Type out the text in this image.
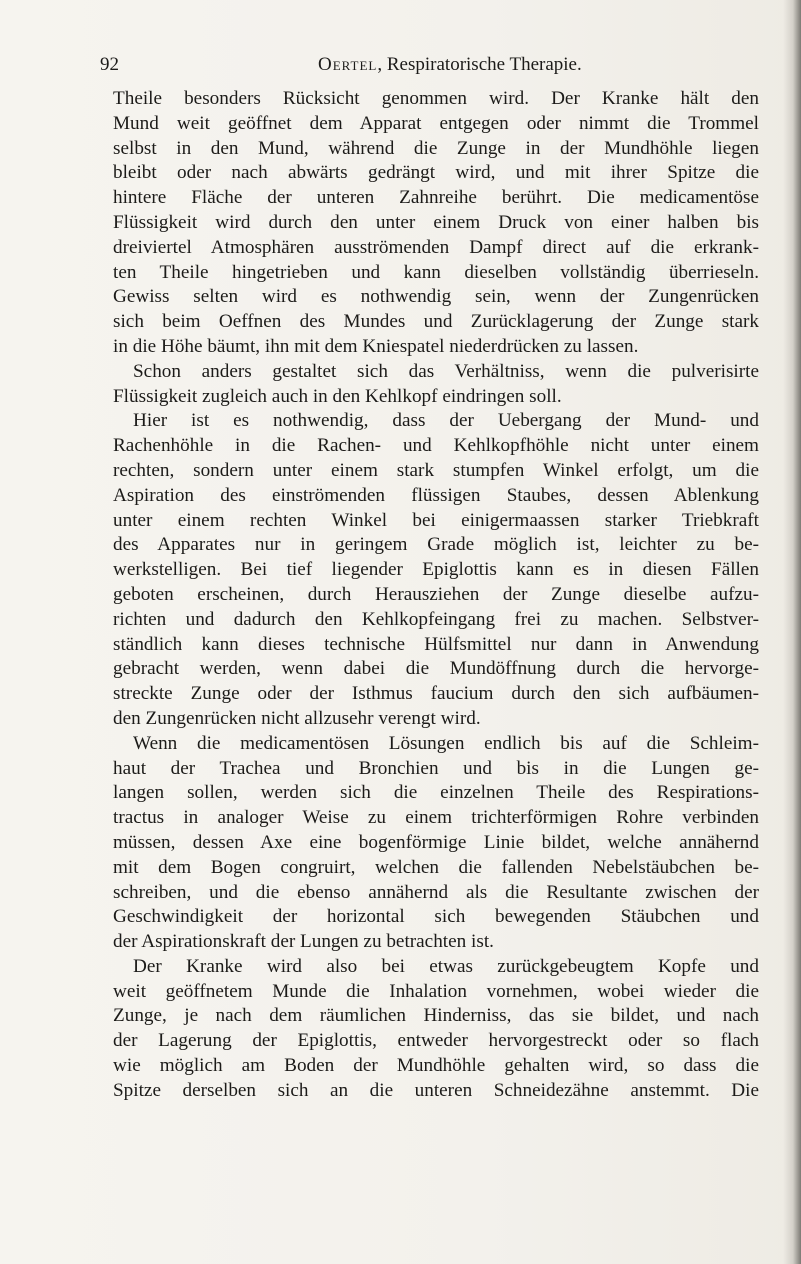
92	Oertel, Respiratorische Therapie.
Theile besonders Rücksicht genommen wird. Der Kranke hält den
Mund weit geöffnet dem Apparat entgegen oder nimmt die Trommel
selbst in den Mund, während die Zunge in der Mundhöhle liegen
bleibt oder nach abwärts gedrängt wird, und mit ihrer Spitze die
hintere Fläche der unteren Zahnreihe berührt. Die medicamentöse
Flüssigkeit wird durch den unter einem Druck von einer halben bis
dreiviertel Atmosphären ausströmenden Dampf direct auf die erkrank-
ten Theile hingetrieben und kann dieselben vollständig überrieseln.
Gewiss selten wird es nothwendig sein, wenn der Zungenrücken
sich beim Oeffnen des Mundes und Zurücklagerung der Zunge stark
in die Höhe bäumt, ihn mit dem Kniespatel niederdrücken zu lassen.
Schon anders gestaltet sich das Verhältniss, wenn die pulverisirte
Flüssigkeit zugleich auch in den Kehlkopf eindringen soll.
Hier ist es nothwendig, dass der Uebergang der Mund- und
Rachenhöhle in die Rachen- und Kehlkopfhöhle nicht unter einem
rechten, sondern unter einem stark stumpfen Winkel erfolgt, um die
Aspiration des einströmenden flüssigen Staubes, dessen Ablenkung
unter einem rechten Winkel bei einigermaassen starker Triebkraft
des Apparates nur in geringem Grade möglich ist, leichter zu be-
werkstelligen. Bei tief liegender Epiglottis kann es in diesen Fällen
geboten erscheinen, durch Herausziehen der Zunge dieselbe aufzu-
richten und dadurch den Kehlkopfeingang frei zu machen. Selbstver-
ständlich kann dieses technische Hülfsmittel nur dann in Anwendung
gebracht werden, wenn dabei die Mundöffnung durch die hervorge-
streckte Zunge oder der Isthmus faucium durch den sich aufbäumen-
den Zungenrücken nicht allzusehr verengt wird.
Wenn die medicamentösen Lösungen endlich bis auf die Schleim-
haut der Trachea und Bronchien und bis in die Lungen ge-
langen sollen, werden sich die einzelnen Theile des Respirations-
tractus in analoger Weise zu einem trichterförmigen Rohre verbinden
müssen, dessen Axe eine bogenförmige Linie bildet, welche annähernd
mit dem Bogen congruirt, welchen die fallenden Nebelstäubchen be-
schreiben, und die ebenso annähernd als die Resultante zwischen der
Geschwindigkeit der horizontal sich bewegenden Stäubchen und
der Aspirationskraft der Lungen zu betrachten ist.
Der Kranke wird also bei etwas zurückgebeugtem Kopfe und
weit geöffnetem Munde die Inhalation vornehmen, wobei wieder die
Zunge, je nach dem räumlichen Hinderniss, das sie bildet, und nach
der Lagerung der Epiglottis, entweder hervorgestreckt oder so flach
wie möglich am Boden der Mundhöhle gehalten wird, so dass die
Spitze derselben sich an die unteren Schneidezähne anstemmt. Die
